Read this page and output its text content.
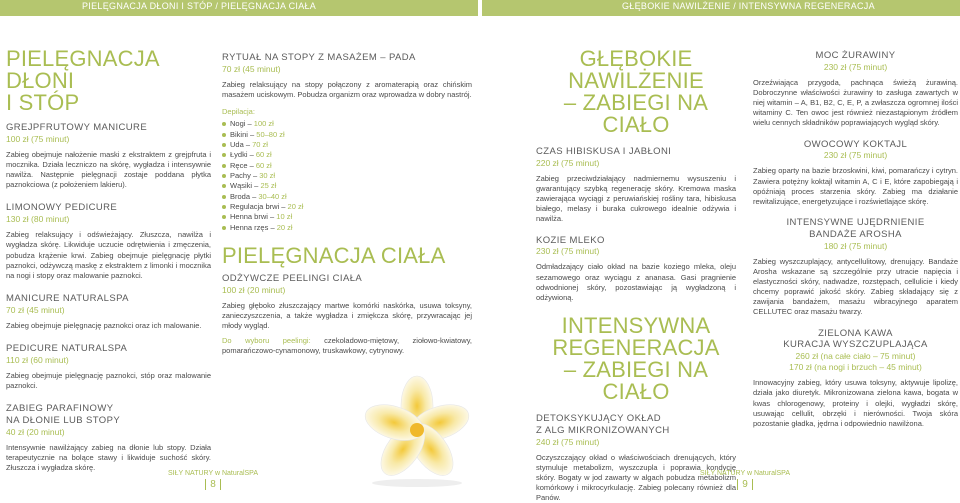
PIELĘGNACJA DŁONI I STÓP / PIELĘGNACJA CIAŁA	GŁĘBOKIE NAWILŻENIE / INTENSYWNA REGENERACJA
PIELĘGNACJA DŁONI
I STÓP
GREJPFRUTOWY MANICURE
100 zł (75 minut)
Zabieg obejmuje nałożenie maski z ekstraktem z grejpfruta i mocznika. Działa leczniczo na skórę, wygładza i intensywnie nawilża. Następnie pielęgnacji zostaje poddana płytka paznokciowa (z położeniem lakieru).
LIMONOWY PEDICURE
130 zł (80 minut)
Zabieg relaksujący i odświeżający. Złuszcza, nawilża i wygładza skórę. Likwiduje uczucie odrętwienia i zmęczenia, pobudza krążenie krwi. Zabieg obejmuje pielęgnację płytki paznokci, odżywczą maskę z ekstraktem z limonki i mocznika na nogi i stopy oraz malowanie paznokci.
MANICURE NATURALSPA
70 zł (45 minut)
Zabieg obejmuje pielęgnację paznokci oraz ich malowanie.
PEDICURE NATURALSPA
110 zł (60 minut)
Zabieg obejmuje pielęgnację paznokci, stóp oraz malowanie paznokci.
ZABIEG PARAFINOWY
NA DŁONIE LUB STOPY
40 zł (20 minut)
Intensywnie nawilżający zabieg na dłonie lub stopy. Działa terapeutycznie na bolące stawy i likwiduje suchość skóry. Złuszcza i wygładza skórę.
RYTUAŁ NA STOPY Z MASAŻEM – PADA
70 zł (45 minut)
Zabieg relaksujący na stopy połączony z aromaterapią oraz chińskim masażem uciskowym. Pobudza organizm oraz wprowadza w dobry nastrój.
Depilacja:
Nogi – 100 zł
Bikini – 50–80 zł
Uda – 70 zł
Łydki – 60 zł
Ręce – 60 zł
Pachy – 30 zł
Wąsiki – 25 zł
Broda – 30–40 zł
Regulacja brwi – 20 zł
Henna brwi – 10 zł
Henna rzęs – 20 zł
PIELĘGNACJA CIAŁA
ODŻYWCZE PEELINGI CIAŁA
100 zł (20 minut)
Zabieg głęboko złuszczający martwe komórki naskórka, usuwa toksyny, zanieczyszczenia, a także wygładza i zmiękcza skórę, przywracając jej młody wygląd.
Do wyboru peelingi: czekoladowo-miętowy, ziołowo-kwiatowy, pomarańczowo-cynamonowy, truskawkowy, cytrynowy.
GŁĘBOKIE NAWILŻENIE
– ZABIEGI NA CIAŁO
CZAS HIBISKUSA I JABŁONI
220 zł (75 minut)
Zabieg przeciwdziałający nadmiernemu wysuszeniu i gwarantujący szybką regenerację skóry. Kremowa maska zawierająca wyciągi z peruwiańskiej rośliny tara, hibiskusa białego, melasy i buraka cukrowego idealnie odżywia i nawilża.
KOZIE MLEKO
230 zł (75 minut)
Odmładzający ciało okład na bazie koziego mleka, oleju sezamowego oraz wyciągu z ananasa. Gasi pragnienie odwodnionej skóry, pozostawiając ją wygładzoną i odżywioną.
INTENSYWNA
REGENERACJA
– ZABIEGI NA CIAŁO
DETOKSYKUJĄCY OKŁAD
Z ALG MIKRONIZOWANYCH
240 zł (75 minut)
Oczyszczający okład o właściwościach drenujących, który stymuluje metabolizm, wyszczupla i poprawia kondycję skóry. Bogaty w jod zawarty w algach pobudza metabolizm komórkowy i mikrocyrkulację. Zabieg polecany również dla Panów.
MOC ŻURAWINY
230 zł (75 minut)
Orzeźwiająca przygoda, pachnąca świeżą żurawiną. Dobroczynne właściwości żurawiny to zasługa zawartych w niej witamin – A, B1, B2, C, E, P, a zwłaszcza ogromnej ilości witaminy C. Ten owoc jest również niezastąpionym źródłem wielu cennych składników poprawiających wygląd skóry.
OWOCOWY KOKTAJL
230 zł (75 minut)
Zabieg oparty na bazie brzoskwini, kiwi, pomarańczy i cytryn. Zawiera potężny koktajl witamin A, C i E, które zapobiegają i opóźniają proces starzenia skóry. Zabieg ma działanie rewitalizujące, energetyzujące i rozświetlające skórę.
INTENSYWNE UJĘDRNIENIE
BANDAŻE AROSHA
180 zł (75 minut)
Zabieg wyszczuplający, antycellulitowy, drenujący. Bandaże Arosha wskazane są szczególnie przy utracie napięcia i elastyczności skóry, nadwadze, rozstępach, cellulicie i kiedy chcemy poprawić jakość skóry. Zabieg składający się z zawijania bandażem, masażu wibracyjnego aparatem CELLUTEC oraz masażu twarzy.
ZIELONA KAWA
KURACJA WYSZCZUPLAJĄCA
260 zł (na całe ciało – 75 minut)
170 zł (na nogi i brzuch – 45 minut)
Innowacyjny zabieg, który usuwa toksyny, aktywuje lipolizę, działa jako diuretyk. Mikronizowana zielona kawa, bogata w kwas chlorogenowy, proteiny i olejki, wygładzi skórę, usuwając cellulit, obrzęki i nierówności. Twoja skóra pozostanie gładka, jędrna i odpowiednio nawilżona.
SIŁY NATURY w NaturalSPA
8
SIŁY NATURY w NaturalSPA
9
